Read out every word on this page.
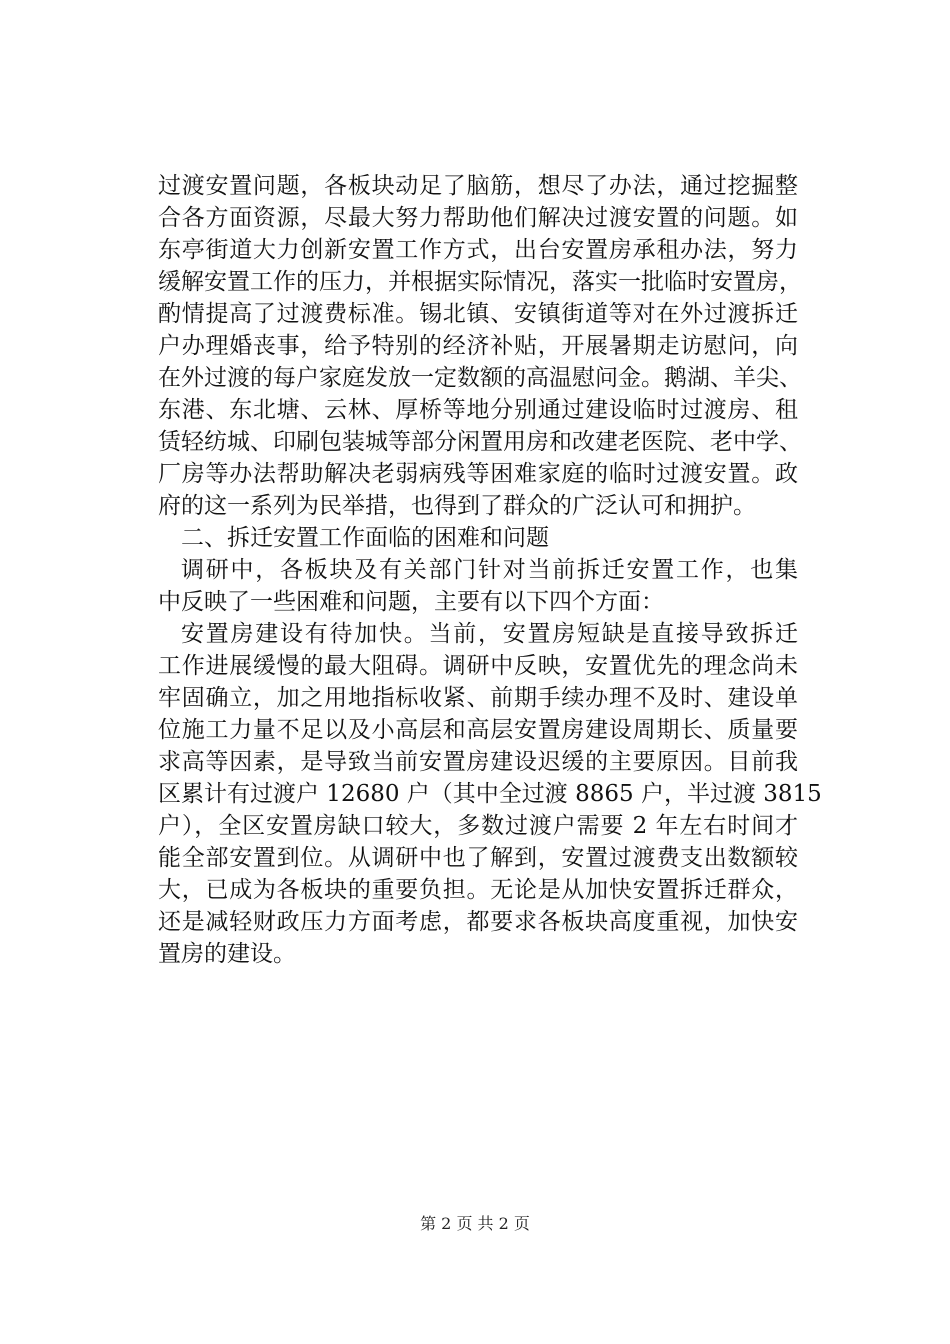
过渡安置问题，各板块动足了脑筋，想尽了办法，通过挖掘整

合各方面资源，尽最大努力帮助他们解决过渡安置的问题。如

东亭街道大力创新安置工作方式，出台安置房承租办法，努力

缓解安置工作的压力，并根据实际情况，落实一批临时安置房，

酌情提高了过渡费标准。锡北镇、安镇街道等对在外过渡拆迁

户办理婚丧事，给予特别的经济补贴，开展暑期走访慰问，向

在外过渡的每户家庭发放一定数额的高温慰问金。鹅湖、羊尖、

东港、东北塘、云林、厚桥等地分别通过建设临时过渡房、租

赁轻纺城、印刷包装城等部分闲置用房和改建老医院、老中学、

厂房等办法帮助解决老弱病残等困难家庭的临时过渡安置。政

府的这一系列为民举措，也得到了群众的广泛认可和拥护。

二、拆迁安置工作面临的困难和问题

调研中，各板块及有关部门针对当前拆迁安置工作，也集

中反映了一些困难和问题，主要有以下四个方面：

安置房建设有待加快。当前，安置房短缺是直接导致拆迁

工作进展缓慢的最大阻碍。调研中反映，安置优先的理念尚未

牢固确立，加之用地指标收紧、前期手续办理不及时、建设单

位施工力量不足以及小高层和高层安置房建设周期长、质量要

求高等因素，是导致当前安置房建设迟缓的主要原因。目前我

区累计有过渡户 12680 户（其中全过渡 8865 户，半过渡 3815

户），全区安置房缺口较大，多数过渡户需要 2 年左右时间才

能全部安置到位。从调研中也了解到，安置过渡费支出数额较

大，已成为各板块的重要负担。无论是从加快安置拆迁群众，

还是减轻财政压力方面考虑，都要求各板块高度重视，加快安

置房的建设。

第 2 页 共 2 页
